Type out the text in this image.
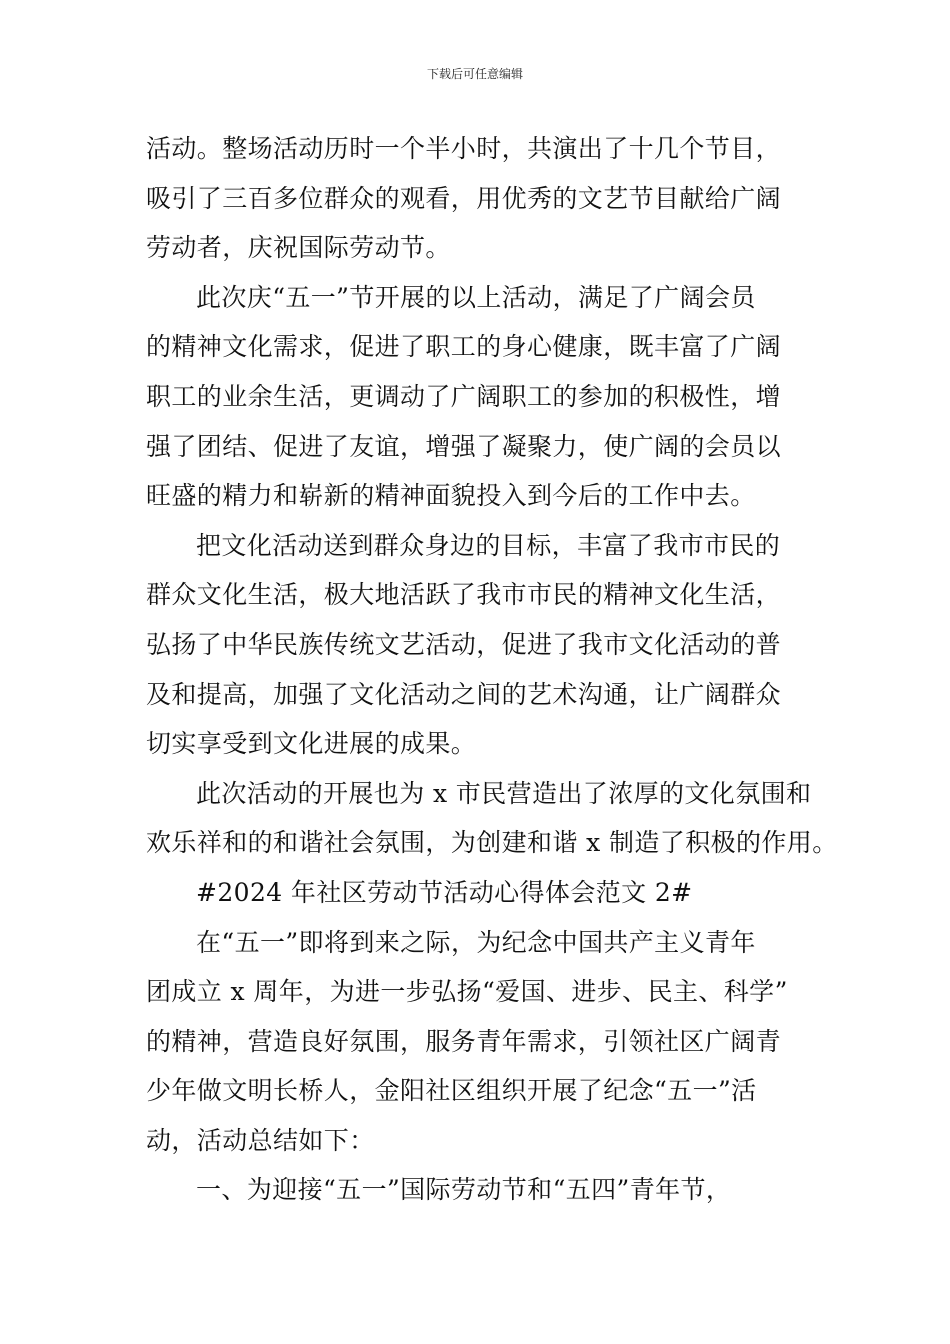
下载后可任意编辑
活动。整场活动历时一个半小时，共演出了十几个节目，
吸引了三百多位群众的观看，用优秀的文艺节目献给广阔
劳动者，庆祝国际劳动节。
此次庆“五一”节开展的以上活动，满足了广阔会员
的精神文化需求，促进了职工的身心健康，既丰富了广阔
职工的业余生活，更调动了广阔职工的参加的积极性，增
强了团结、促进了友谊，增强了凝聚力，使广阔的会员以
旺盛的精力和崭新的精神面貌投入到今后的工作中去。
把文化活动送到群众身边的目标，丰富了我市市民的
群众文化生活，极大地活跃了我市市民的精神文化生活，
弘扬了中华民族传统文艺活动，促进了我市文化活动的普
及和提高，加强了文化活动之间的艺术沟通，让广阔群众
切实享受到文化进展的成果。
此次活动的开展也为 x 市民营造出了浓厚的文化氛围和
欢乐祥和的和谐社会氛围，为创建和谐 x 制造了积极的作用。
#2024 年社区劳动节活动心得体会范文 2#
在“五一”即将到来之际，为纪念中国共产主义青年
团成立 x 周年，为进一步弘扬“爱国、进步、民主、科学”
的精神，营造良好氛围，服务青年需求，引领社区广阔青
少年做文明长桥人，金阳社区组织开展了纪念“五一”活
动，活动总结如下：
一、为迎接“五一”国际劳动节和“五四”青年节，
